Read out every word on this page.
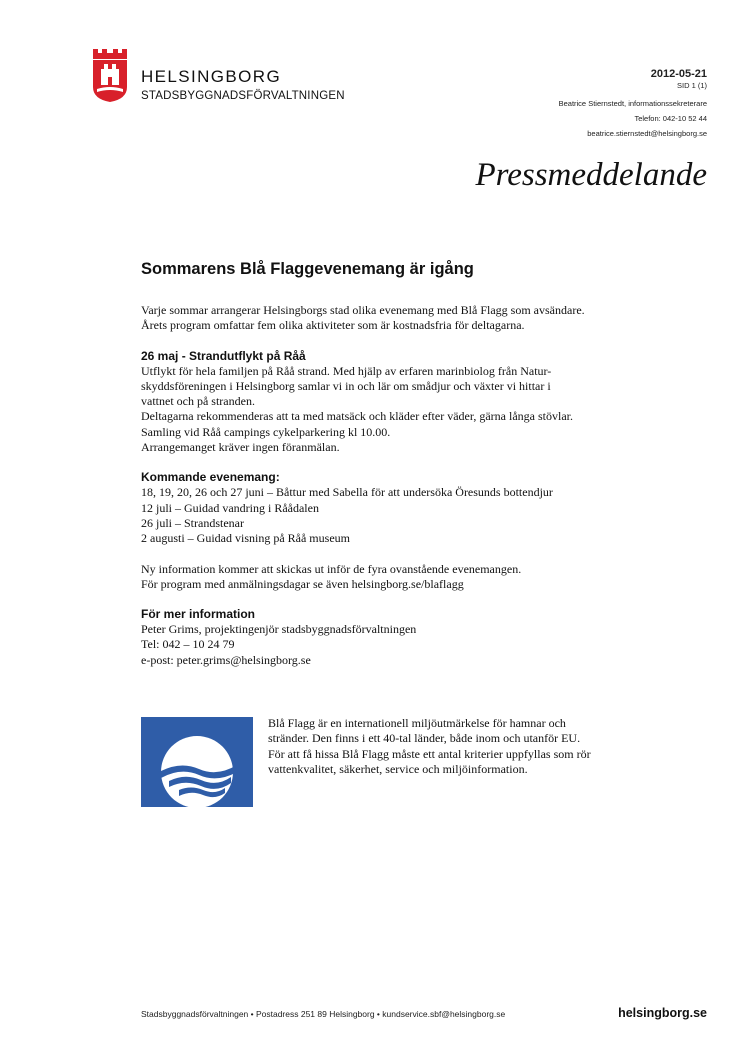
HELSINGBORG
STADSBYGGNADSFÖRVALTNINGEN
2012-05-21
SID 1 (1)
Beatrice Stiernstedt, informationssekreterare
Telefon: 042-10 52 44
beatrice.stiernstedt@helsingborg.se
Pressmeddelande
Sommarens Blå Flaggevenemang är igång

Varje sommar arrangerar Helsingborgs stad olika evenemang med Blå Flagg som avsändare.

Årets program omfattar fem olika aktiviteter som är kostnadsfria för deltagarna.

26 maj - Strandutflykt på Råå

Utflykt för hela familjen på Råå strand. Med hjälp av erfaren marinbiolog från Natur-

skyddsföreningen i Helsingborg samlar vi in och lär om smådjur och växter vi hittar i

vattnet och på stranden.

Deltagarna rekommenderas att ta med matsäck och kläder efter väder, gärna långa stövlar.

Samling vid Råå campings cykelparkering kl 10.00.

Arrangemanget kräver ingen föranmälan.

Kommande evenemang:

18, 19, 20, 26 och 27 juni – Båttur med Sabella för att undersöka Öresunds bottendjur

12 juli – Guidad vandring i Råådalen

26 juli – Strandstenar

2 augusti – Guidad visning på Råå museum

Ny information kommer att skickas ut inför de fyra ovanstående evenemangen.

För program med anmälningsdagar se även helsingborg.se/blaflagg

För mer information

Peter Grims, projektingenjör stadsbyggnadsförvaltningen

Tel: 042 – 10 24 79

e-post: peter.grims@helsingborg.se

Blå Flagg är en internationell miljöutmärkelse för hamnar och

stränder. Den finns i ett 40-tal länder, både inom och utanför EU.

För att få hissa Blå Flagg måste ett antal kriterier uppfyllas som rör

vattenkvalitet, säkerhet, service och miljöinformation.

Stadsbyggnadsförvaltningen • Postadress 251 89 Helsingborg • kundservice.sbf@helsingborg.se	helsingborg.se
